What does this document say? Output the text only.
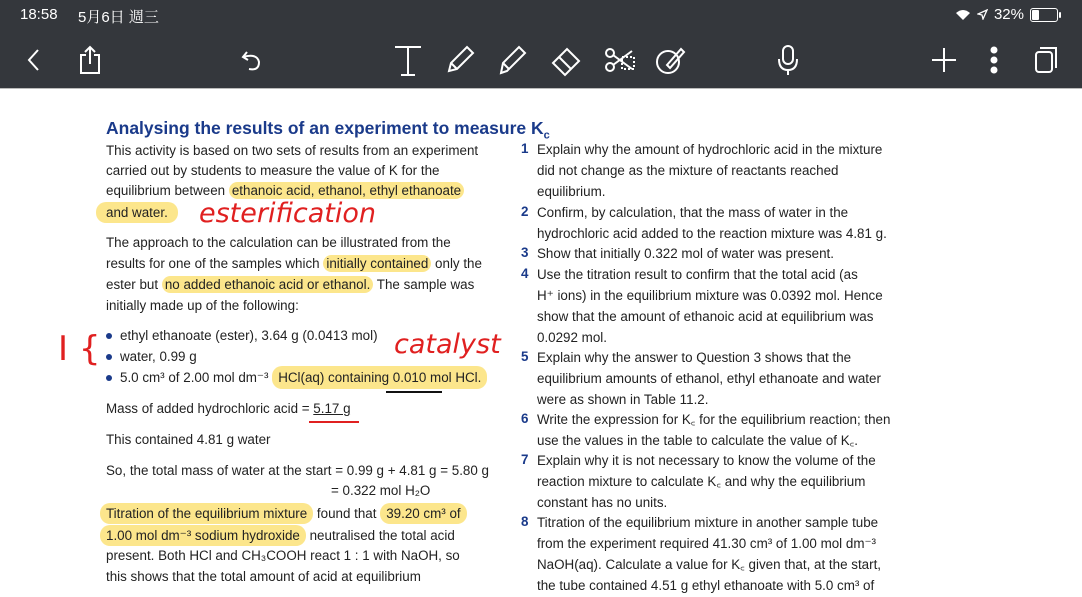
18:58 5月6日 週三	32%
Analysing the results of an experiment to measure $K_c$
This activity is based on two sets of results from an experiment
carried out by students to measure the value of K for the
equilibrium between ethanoic acid, ethanol, ethyl ethanoate
and water.	esterification
The approach to the calculation can be illustrated from the
results for one of the samples which initially contained only the
ester but no added ethanoic acid or ethanol. The sample was
initially made up of the following:
I {	ethyl ethanoate (ester), 3.64 g (0.0413 mol)
water, 0.99 g
5.0 cm³ of 2.00 mol dm⁻³ HCl(aq) containing 0.010 mol HCl.
catalyst
Mass of added hydrochloric acid = 5.17 g
This contained 4.81 g water
So, the total mass of water at the start = 0.99 g + 4.81 g = 5.80 g
= 0.322 mol H₂O
Titration of the equilibrium mixture found that 39.20 cm³ of
1.00 mol dm⁻³ sodium hydroxide neutralised the total acid
present. Both HCl and CH₃COOH react 1 : 1 with NaOH, so
this shows that the total amount of acid at equilibrium
1 Explain why the amount of hydrochloric acid in the mixture
did not change as the mixture of reactants reached
equilibrium.
2 Confirm, by calculation, that the mass of water in the
hydrochloric acid added to the reaction mixture was 4.81 g.
3 Show that initially 0.322 mol of water was present.
4 Use the titration result to confirm that the total acid (as
H⁺ ions) in the equilibrium mixture was 0.0392 mol. Hence
show that the amount of ethanoic acid at equilibrium was
0.0292 mol.
5 Explain why the answer to Question 3 shows that the
equilibrium amounts of ethanol, ethyl ethanoate and water
were as shown in Table 11.2.
6 Write the expression for K꜀ for the equilibrium reaction; then
use the values in the table to calculate the value of K꜀.
7 Explain why it is not necessary to know the volume of the
reaction mixture to calculate K꜀ and why the equilibrium
constant has no units.
8 Titration of the equilibrium mixture in another sample tube
from the experiment required 41.30 cm³ of 1.00 mol dm⁻³
NaOH(aq). Calculate a value for K꜀ given that, at the start,
the tube contained 4.51 g ethyl ethanoate with 5.0 cm³ of
